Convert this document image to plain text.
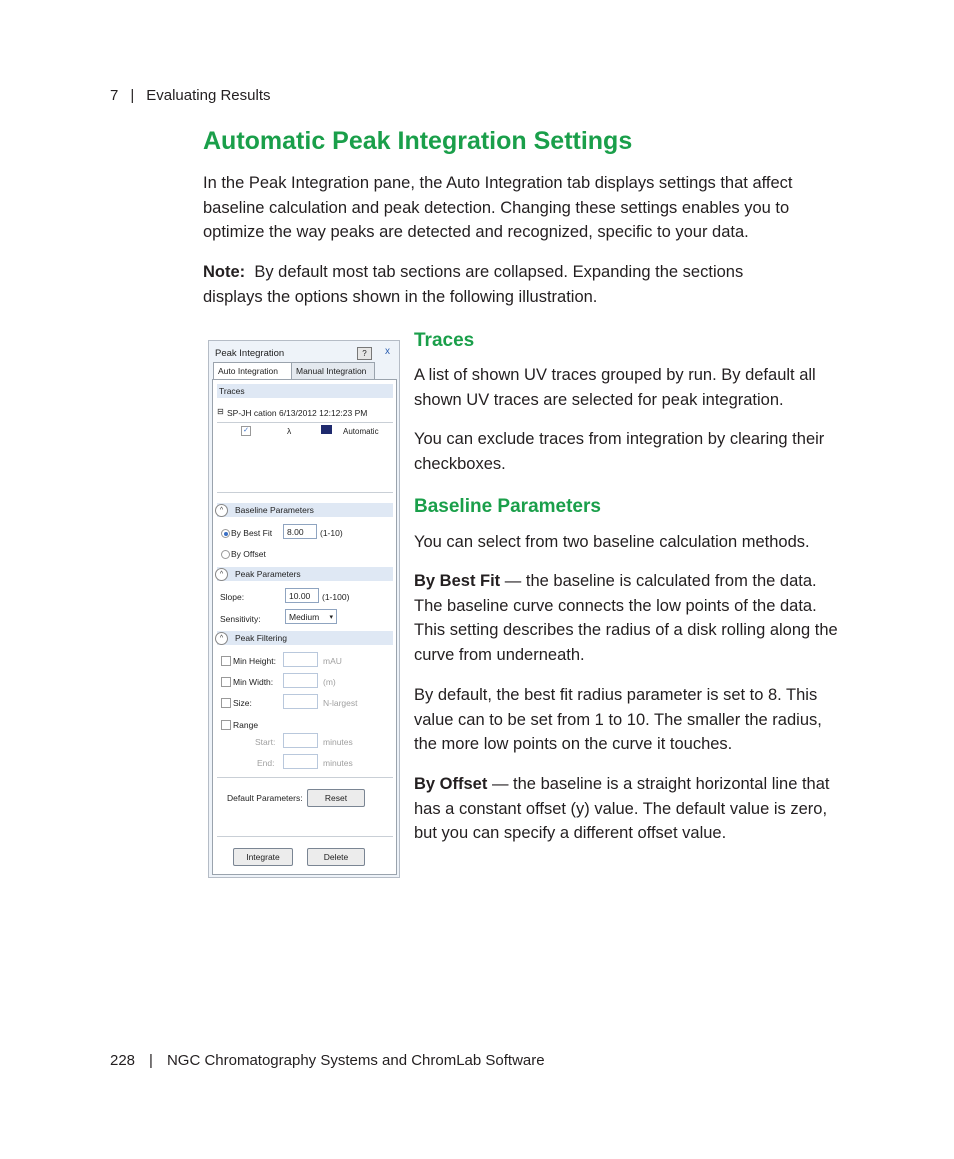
7 | Evaluating Results
Automatic Peak Integration Settings

In the Peak Integration pane, the Auto Integration tab displays settings that affect baseline calculation and peak detection. Changing these settings enables you to optimize the way peaks are detected and recognized, specific to your data.

Note: By default most tab sections are collapsed. Expanding the sections displays the options shown in the following illustration.

Peak Integration	?	x
Auto Integration	Manual Integration
Traces
⊟ SP-JH cation 6/13/2012 12:12:23 PM
✓	λ	Automatic
^	Baseline Parameters
By Best Fit	8.00	(1-10)
By Offset
^	Peak Parameters
Slope:	10.00	(1-100)
Sensitivity:	Medium ▾
^	Peak Filtering
Min Height:	mAU
Min Width:	(m)
Size:	N-largest
Range
Start:	minutes
End:	minutes
Default Parameters:	Reset
Integrate	Delete
Traces

A list of shown UV traces grouped by run. By default all shown UV traces are selected for peak integration.

You can exclude traces from integration by clearing their checkboxes.

Baseline Parameters

You can select from two baseline calculation methods.

By Best Fit — the baseline is calculated from the data. The baseline curve connects the low points of the data. This setting describes the radius of a disk rolling along the curve from underneath.

By default, the best fit radius parameter is set to 8. This value can to be set from 1 to 10. The smaller the radius, the more low points on the curve it touches.

By Offset — the baseline is a straight horizontal line that has a constant offset (y) value. The default value is zero, but you can specify a different offset value.

228 | NGC Chromatography Systems and ChromLab Software
